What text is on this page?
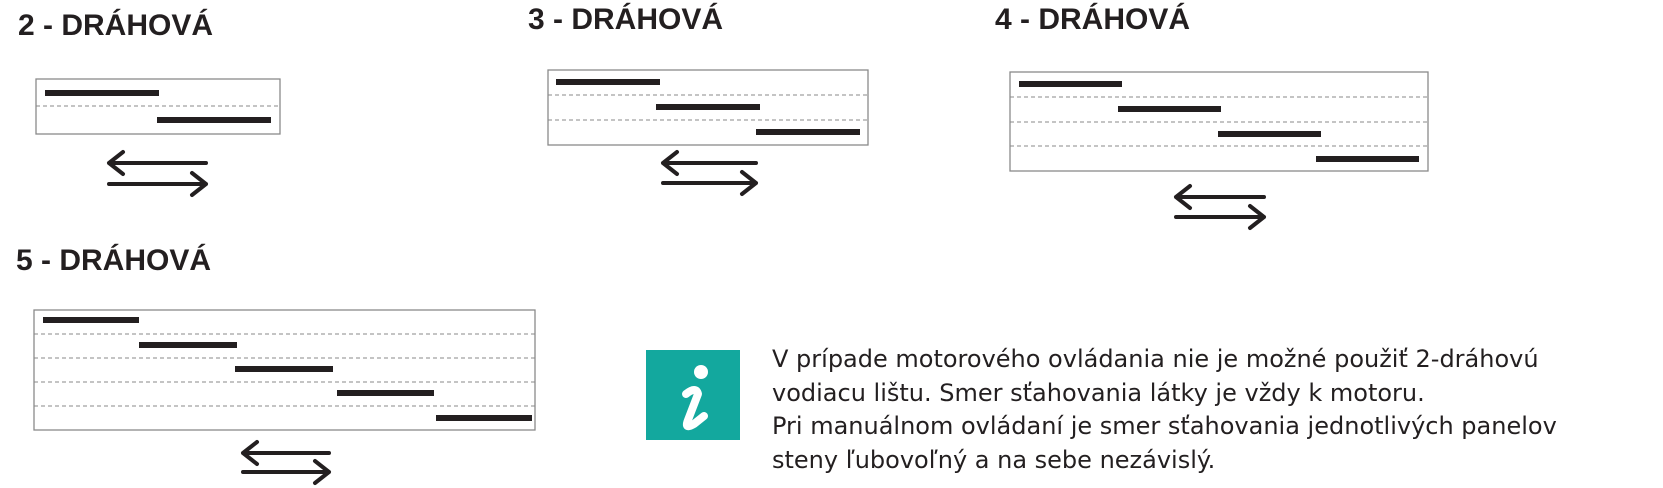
2 - DRÁHOVÁ	3 - DRÁHOVÁ	4 - DRÁHOVÁ
5 - DRÁHOVÁ

V prípade motorového ovládania nie je možné použiť 2-dráhovú
vodiacu lištu. Smer sťahovania látky je vždy k motoru.
Pri manuálnom ovládaní je smer sťahovania jednotlivých panelov
steny ľubovoľný a na sebe nezávislý.
